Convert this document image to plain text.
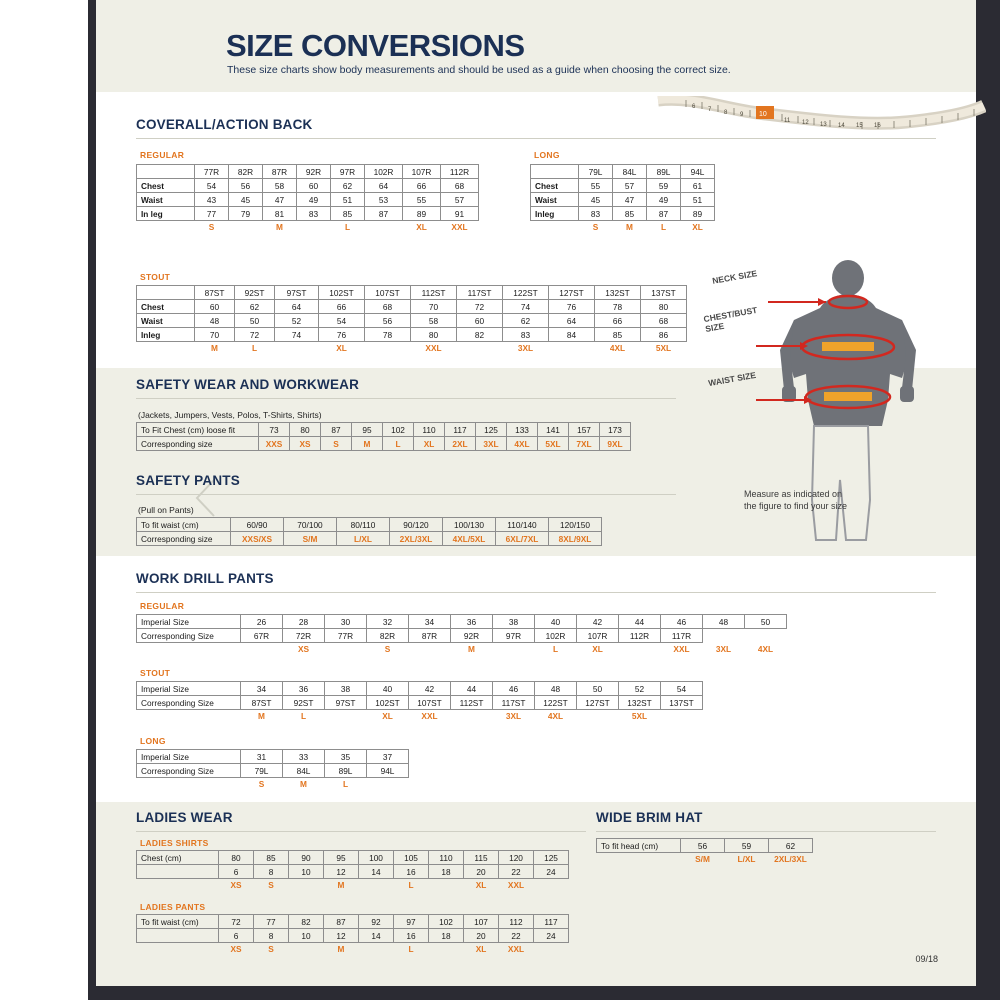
SIZE CONVERSIONS
These size charts show body measurements and should be used as a guide when choosing the correct size.
6 7 8 9
11 12 13 14 15 16
10
COVERALL/ACTION BACK
REGULAR
	77R	82R	87R	92R	97R	102R	107R	112R
Chest	54	56	58	60	62	64	66	68
Waist	43	45	47	49	51	53	55	57
In leg	77	79	81	83	85	87	89	91
	S		M		L		XL	XXL
LONG
	79L	84L	89L	94L
Chest	55	57	59	61
Waist	45	47	49	51
Inleg	83	85	87	89
	S	M	L	XL
STOUT
	87ST	92ST	97ST	102ST	107ST	112ST	117ST	122ST	127ST	132ST	137ST
Chest	60	62	64	66	68	70	72	74	76	78	80
Waist	48	50	52	54	56	58	60	62	64	66	68
Inleg	70	72	74	76	78	80	82	83	84	85	86
	M	L		XL		XXL		3XL		4XL	5XL
SAFETY WEAR AND WORKWEAR
(Jackets, Jumpers, Vests, Polos, T-Shirts, Shirts)
To Fit Chest (cm) loose fit	73	80	87	95	102	110	117	125	133	141	157	173
Corresponding size	XXS	XS	S	M	L	XL	2XL	3XL	4XL	5XL	7XL	9XL
SAFETY PANTS
(Pull on Pants)
To fit waist (cm)	60/90	70/100	80/110	90/120	100/130	110/140	120/150
Corresponding size	XXS/XS	S/M	L/XL	2XL/3XL	4XL/5XL	6XL/7XL	8XL/9XL
NECK SIZE
CHEST/BUST SIZE
WAIST SIZE
Measure as indicated on the figure to find your size
WORK DRILL PANTS
REGULAR
Imperial Size	26	28	30	32	34	36	38	40	42	44	46	48	50
Corresponding Size	67R	72R	77R	82R	87R	92R	97R	102R	107R	112R	117R		
		XS		S		M		L	XL		XXL	3XL	4XL
STOUT
Imperial Size	34	36	38	40	42	44	46	48	50	52	54
Corresponding Size	87ST	92ST	97ST	102ST	107ST	112ST	117ST	122ST	127ST	132ST	137ST
	M	L		XL	XXL		3XL	4XL		5XL	
LONG
Imperial Size	31	33	35	37
Corresponding Size	79L	84L	89L	94L
	S	M	L	
LADIES WEAR
LADIES SHIRTS
Chest (cm)	80	85	90	95	100	105	110	115	120	125
	6	8	10	12	14	16	18	20	22	24
	XS	S		M		L		XL	XXL	
LADIES PANTS
To fit waist (cm)	72	77	82	87	92	97	102	107	112	117
	6	8	10	12	14	16	18	20	22	24
	XS	S		M		L		XL	XXL	
WIDE BRIM HAT
To fit head (cm)	56	59	62
	S/M	L/XL	2XL/3XL
09/18
